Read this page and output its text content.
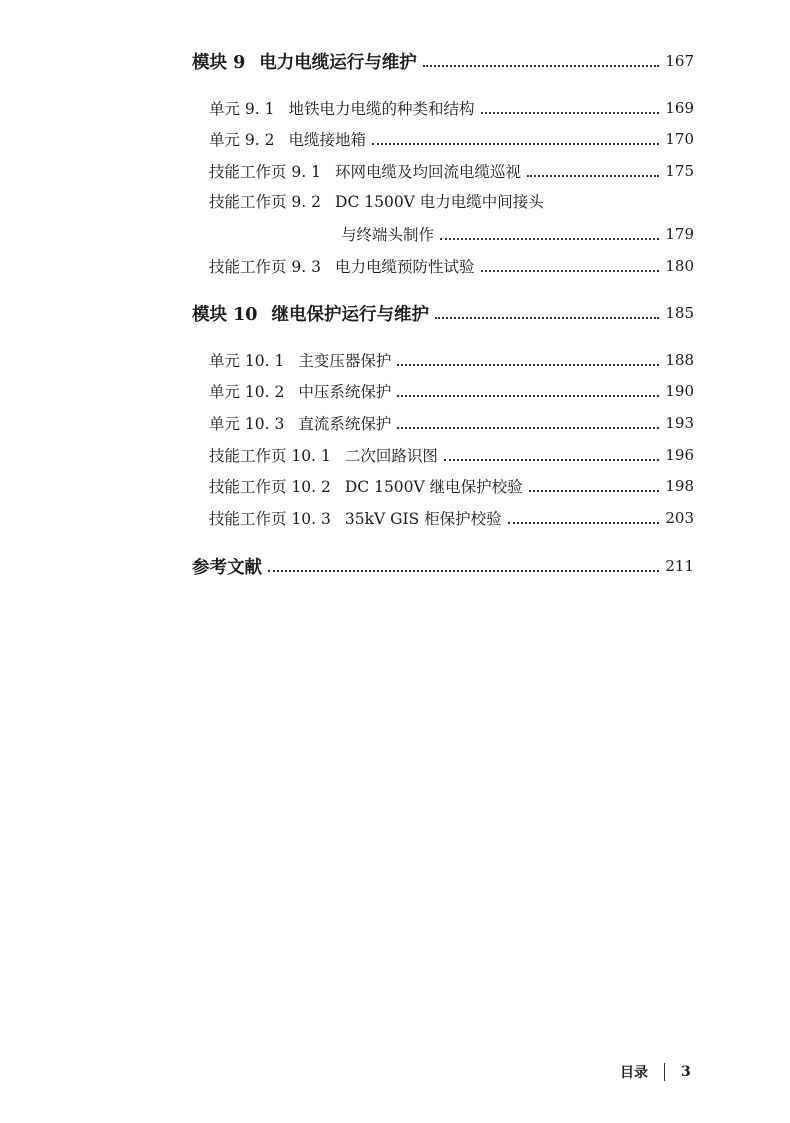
模块 9 电力电缆运行与维护	167
单元 9. 1 地铁电力电缆的种类和结构	169
单元 9. 2 电缆接地箱	170
技能工作页 9. 1 环网电缆及均回流电缆巡视	175
技能工作页 9. 2 DC 1500V 电力电缆中间接头
与终端头制作	179
技能工作页 9. 3 电力电缆预防性试验	180
模块 10 继电保护运行与维护	185
单元 10. 1 主变压器保护	188
单元 10. 2 中压系统保护	190
单元 10. 3 直流系统保护	193
技能工作页 10. 1 二次回路识图	196
技能工作页 10. 2 DC 1500V 继电保护校验	198
技能工作页 10. 3 35kV GIS 柜保护校验	203
参考文献	211
目录 3
